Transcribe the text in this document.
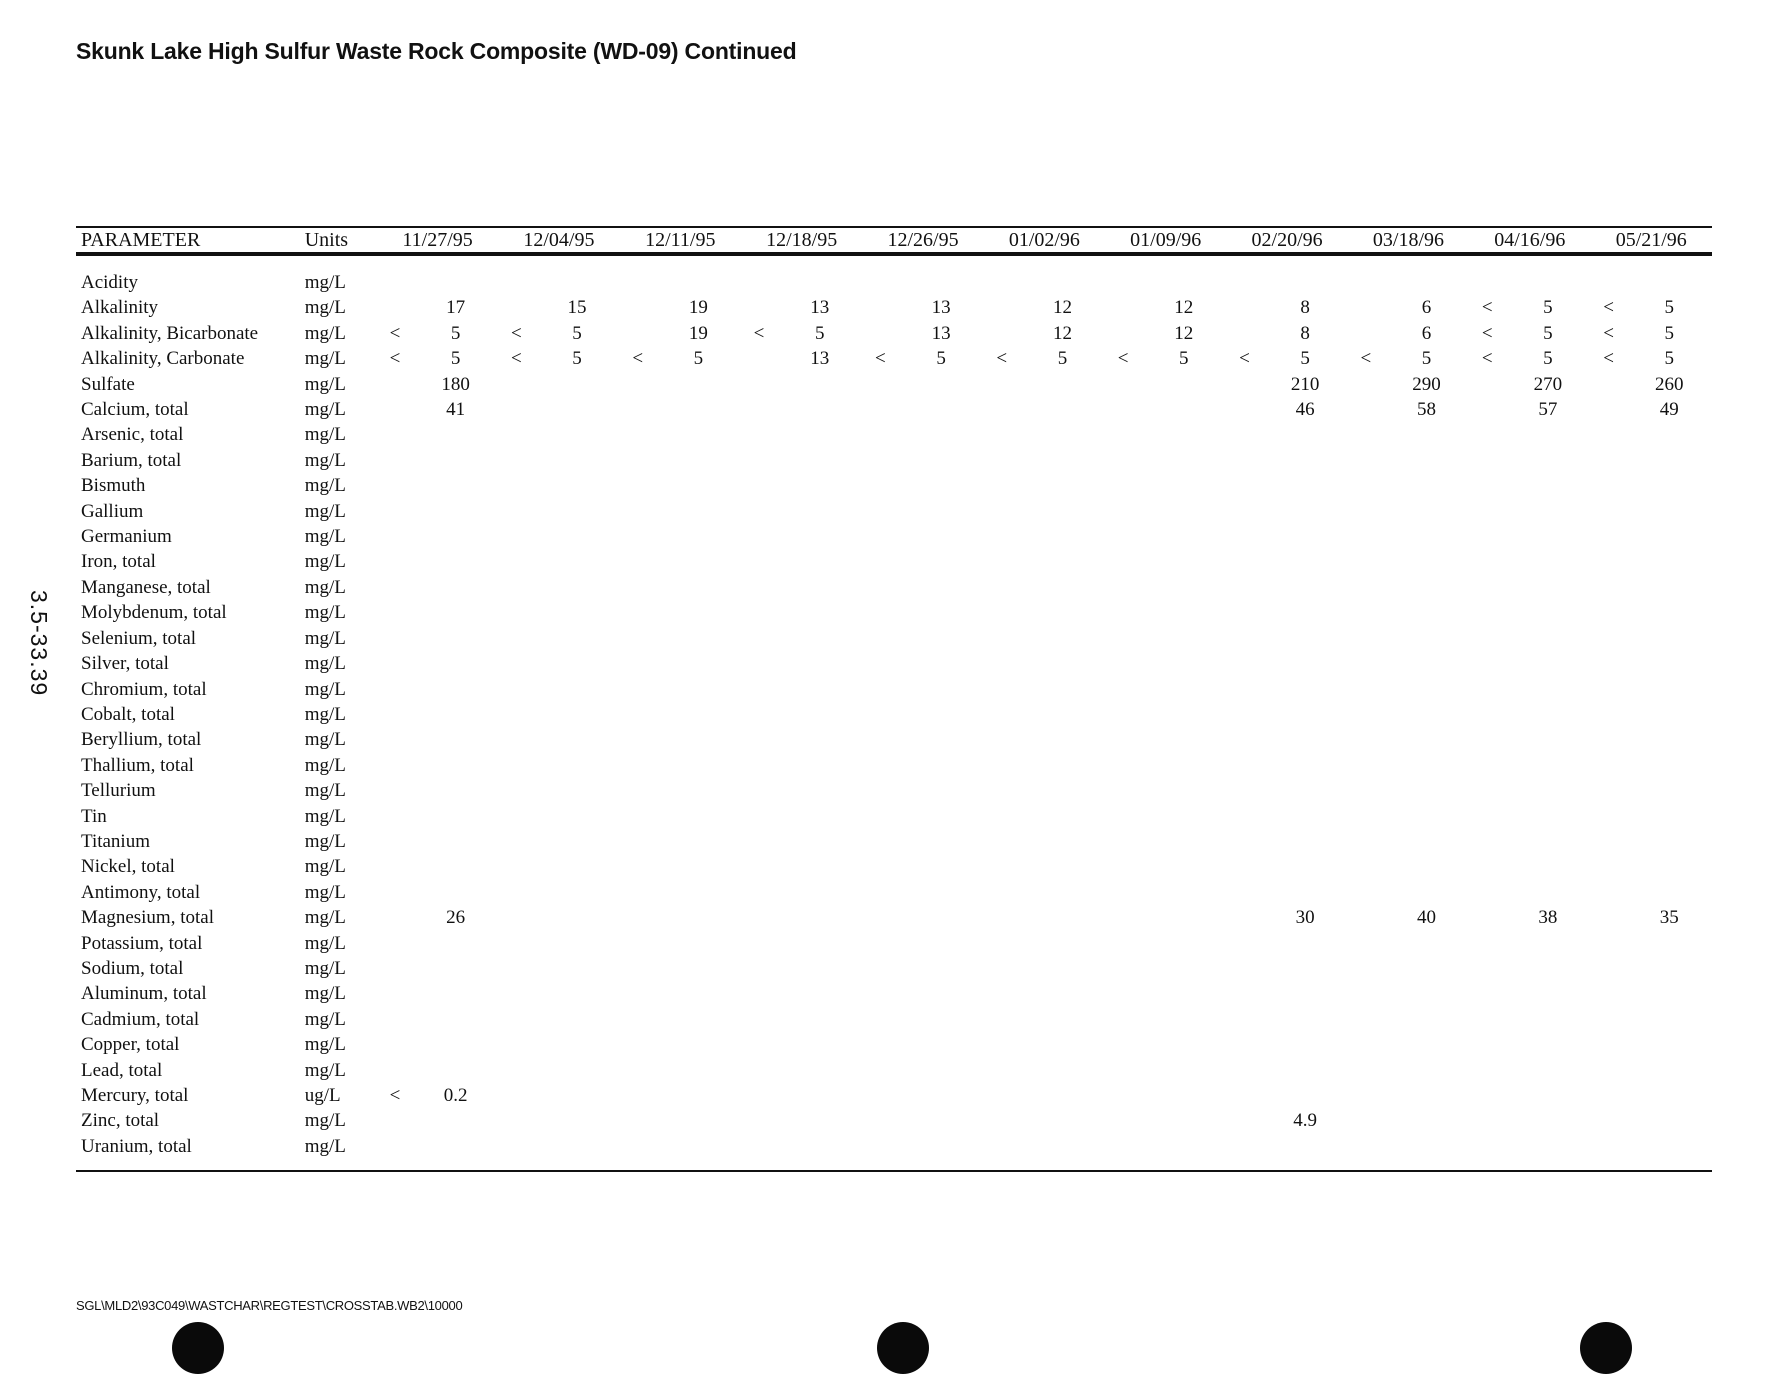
Skunk Lake High Sulfur Waste Rock Composite (WD-09) Continued
3.5-33.39
PARAMETER	Units	11/27/95		12/04/95		12/11/95		12/18/95		12/26/95		01/02/96		01/09/96		02/20/96		03/18/96		04/16/96		05/21/96	

Acidity	mg/L																						
Alkalinity	mg/L		17		15		19		13		13		12		12		8		6	<	5	<	5
Alkalinity, Bicarbonate	mg/L	<	5	<	5		19	<	5		13		12		12		8		6	<	5	<	5
Alkalinity, Carbonate	mg/L	<	5	<	5	<	5		13	<	5	<	5	<	5	<	5	<	5	<	5	<	5
Sulfate	mg/L		180														210		290		270		260
Calcium, total	mg/L		41														46		58		57		49
Arsenic, total	mg/L																						
Barium, total	mg/L																						
Bismuth	mg/L																						
Gallium	mg/L																						
Germanium	mg/L																						
Iron, total	mg/L																						
Manganese, total	mg/L																						
Molybdenum, total	mg/L																						
Selenium, total	mg/L																						
Silver, total	mg/L																						
Chromium, total	mg/L																						
Cobalt, total	mg/L																						
Beryllium, total	mg/L																						
Thallium, total	mg/L																						
Tellurium	mg/L																						
Tin	mg/L																						
Titanium	mg/L																						
Nickel, total	mg/L																						
Antimony, total	mg/L																						
Magnesium, total	mg/L		26														30		40		38		35
Potassium, total	mg/L																						
Sodium, total	mg/L																						
Aluminum, total	mg/L																						
Cadmium, total	mg/L																						
Copper, total	mg/L																						
Lead, total	mg/L																						
Mercury, total	ug/L	<	0.2																				
Zinc, total	mg/L																4.9						
Uranium, total	mg/L																						
SGL\MLD2\93C049\WASTCHAR\REGTEST\CROSSTAB.WB2\10000
